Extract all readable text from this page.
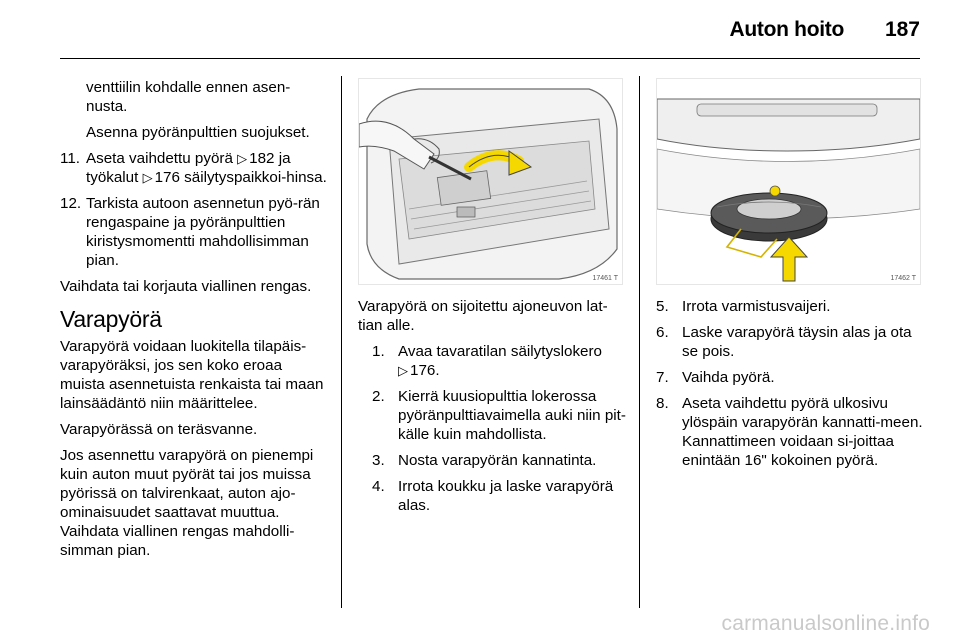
Auton hoito 187

venttiilin kohdalle ennen asen-nusta.

Asenna pyöränpulttien suojukset.

11. Aseta vaihdettu pyörä ▷ 182 ja työkalut ▷ 176 säilytyspaikkoi-hinsa.
12. Tarkista autoon asennetun pyö-rän rengaspaine ja pyöränpulttien kiristysmomentti mahdollisimman pian.

Vaihdata tai korjauta viallinen rengas.

Varapyörä

Varapyörä voidaan luokitella tilapäis-varapyöräksi, jos sen koko eroaa muista asennetuista renkaista tai maan lainsäädäntö niin määrittelee.

Varapyörässä on teräsvanne.

Jos asennettu varapyörä on pienempi kuin auton muut pyörät tai jos muissa pyörissä on talvirenkaat, auton ajo-ominaisuudet saattavat muuttua. Vaihdata viallinen rengas mahdolli-simman pian.

17461 T

Varapyörä on sijoitettu ajoneuvon lat-tian alle.

1. Avaa tavaratilan säilytyslokero
▷ 176.
2. Kierrä kuusiopulttia lokerossa pyöränpulttiavaimella auki niin pit-källe kuin mahdollista.
3. Nosta varapyörän kannatinta.
4. Irrota koukku ja laske varapyörä alas.
17462 T
5. Irrota varmistusvaijeri.
6. Laske varapyörä täysin alas ja ota se pois.
7. Vaihda pyörä.
8. Aseta vaihdettu pyörä ulkosivu ylöspäin varapyörän kannatti-meen. Kannattimeen voidaan si-joittaa enintään 16" kokoinen pyörä.
carmanualsonline.info
